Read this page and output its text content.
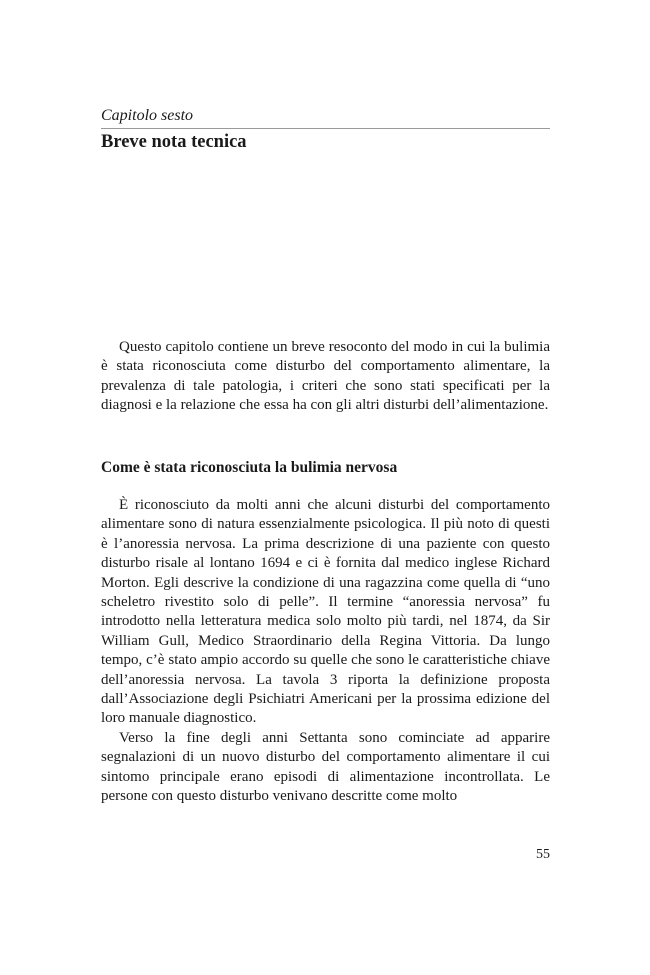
Capitolo sesto
Breve nota tecnica

Questo capitolo contiene un breve resoconto del modo in cui la bulimia è stata riconosciuta come disturbo del comportamento alimentare, la prevalenza di tale patologia, i criteri che sono stati specificati per la diagnosi e la relazione che essa ha con gli altri disturbi dell’alimentazione.

Come è stata riconosciuta la bulimia nervosa

È riconosciuto da molti anni che alcuni disturbi del comportamento alimentare sono di natura essenzialmente psicologica. Il più noto di questi è l’anoressia nervosa. La prima descrizione di una paziente con questo disturbo risale al lontano 1694 e ci è fornita dal medico inglese Richard Morton. Egli descrive la condizione di una ragazzina come quella di “uno scheletro rivestito solo di pelle”. Il termine “anoressia nervosa” fu introdotto nella letteratura medica solo molto più tardi, nel 1874, da Sir William Gull, Medico Straordinario della Regina Vittoria. Da lungo tempo, c’è stato ampio accordo su quelle che sono le caratteristiche chiave dell’anoressia nervosa. La tavola 3 riporta la definizione proposta dall’Associazione degli Psichiatri Americani per la prossima edizione del loro manuale diagnostico.

Verso la fine degli anni Settanta sono cominciate ad apparire segnalazioni di un nuovo disturbo del comportamento alimentare il cui sintomo principale erano episodi di alimentazione incontrollata. Le persone con questo disturbo venivano descritte come molto

55
